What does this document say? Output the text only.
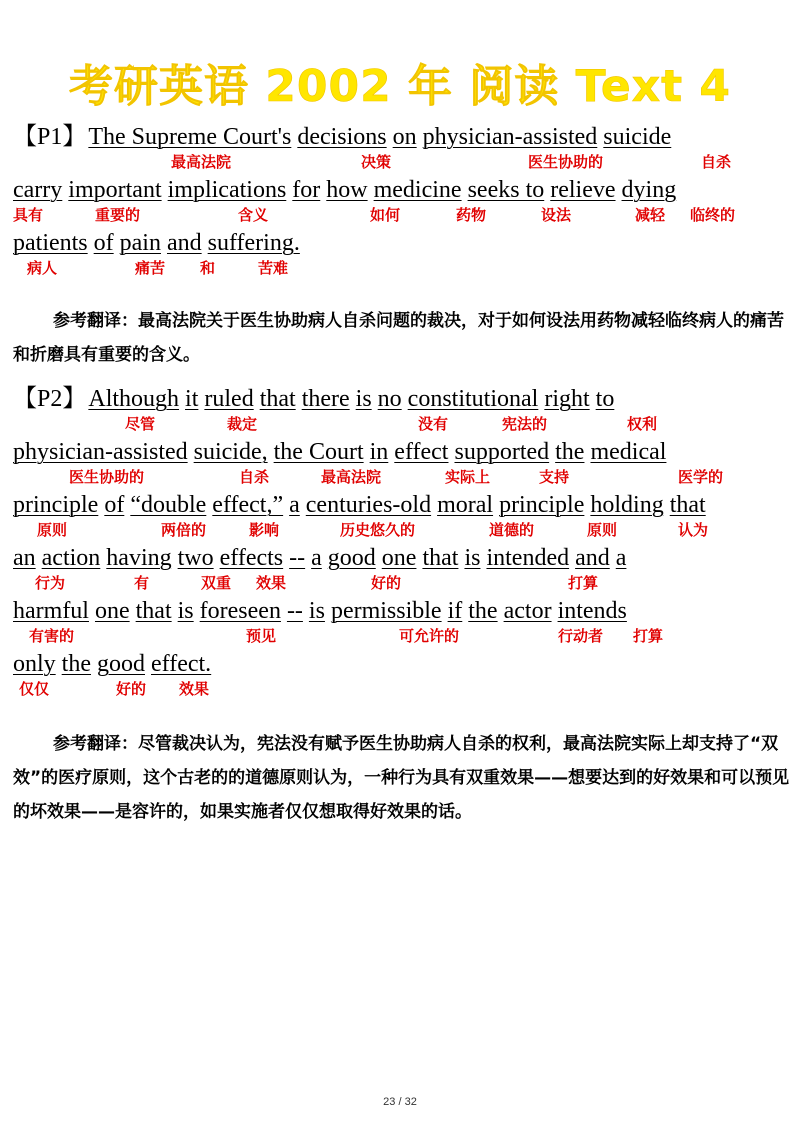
考研英语 2002 年 阅读 Text 4
【P1】The Supreme Court's decisions on physician-assisted suicide
最高法院	决策	医生协助的	自杀
carry important implications for how medicine seeks to relieve dying
具有	重要的	含义	如何	药物	设法	减轻 临终的
patients of pain and suffering.
病人	痛苦 和	苦难

参考翻译：最高法院关于医生协助病人自杀问题的裁决，对于如何设法用药物减轻临终病人的痛苦和折磨具有重要的含义。

【P2】Although it ruled that there is no constitutional right to
尽管	裁定	没有	宪法的	权利
physician-assisted suicide, the Court in effect supported the medical
医生协助的	自杀	最高法院	实际上	支持	医学的
principle of “double effect,” a centuries-old moral principle holding that
原则	两倍的	影响	历史悠久的	道德的	原则	认为
an action having two effects -- a good one that is intended and a
行为	有	双重 效果	好的	打算
harmful one that is foreseen -- is permissible if the actor intends
有害的	预见	可允许的	行动者 打算
only the good effect.
仅仅	好的 效果

参考翻译：尽管裁决认为，宪法没有赋予医生协助病人自杀的权利，最高法院实际上却支持了“双效”的医疗原则，这个古老的的道德原则认为，一种行为具有双重效果——想要达到的好效果和可以预见的坏效果——是容许的，如果实施者仅仅想取得好效果的话。

23 / 32
